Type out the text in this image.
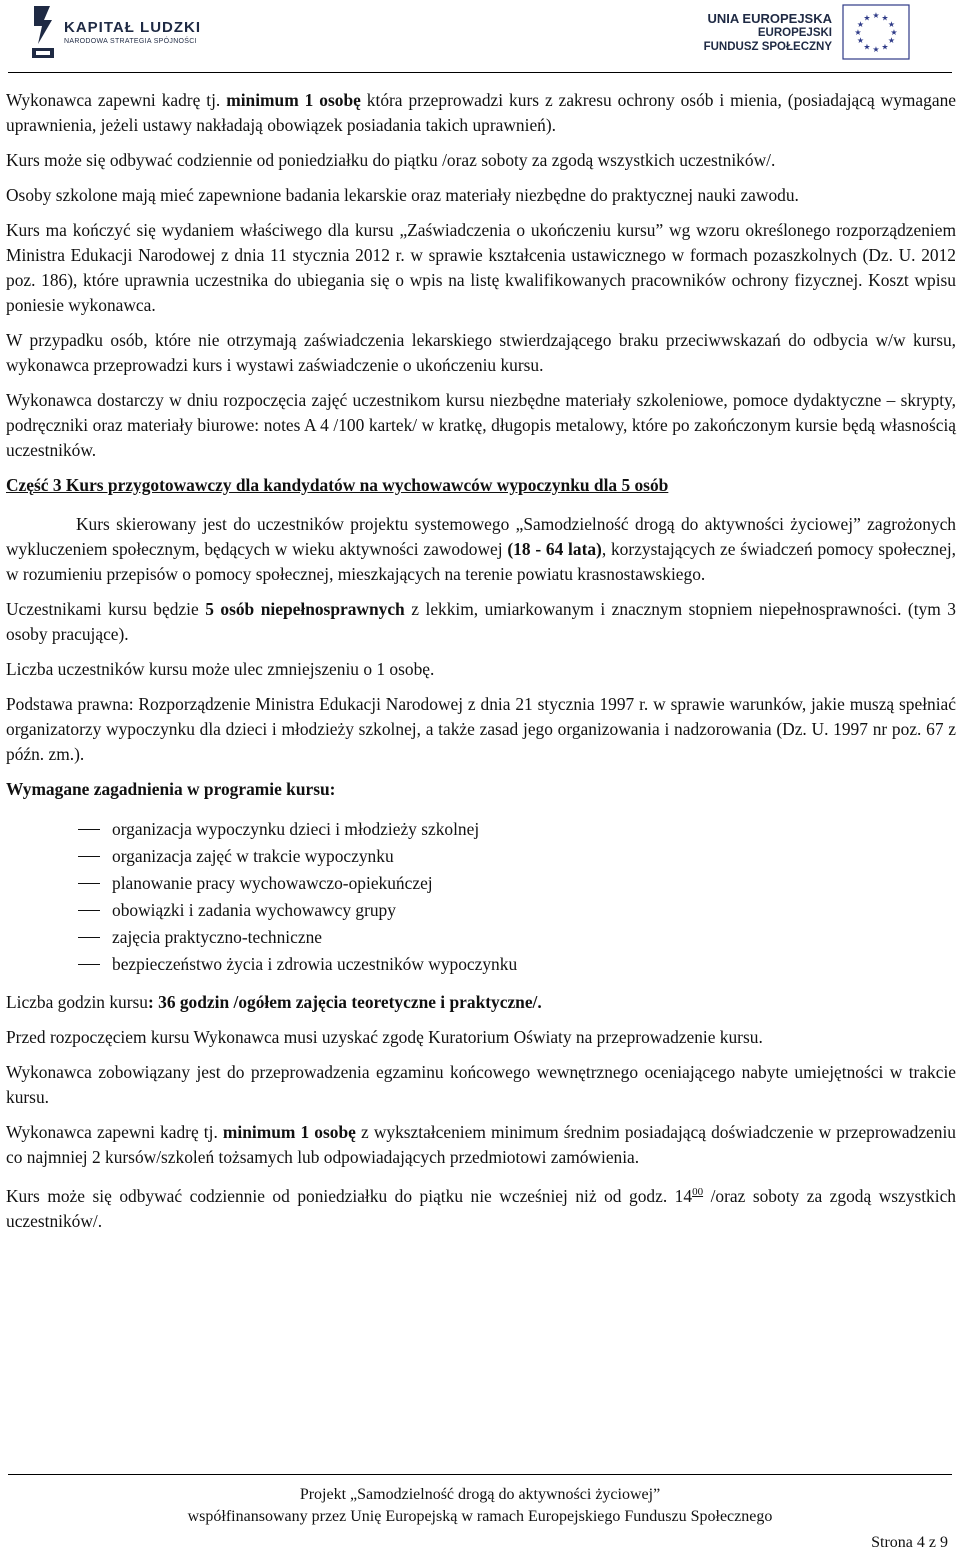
KAPITAŁ LUDZKI
NARODOWA STRATEGIA SPÓJNOŚCI
UNIA EUROPEJSKA
EUROPEJSKI
FUNDUSZ SPOŁECZNY
★ ★
★
★
★
★
★
★
★
★
★
★

Wykonawca zapewni kadrę tj. minimum 1 osobę która przeprowadzi kurs z zakresu ochrony osób i mienia, (posiadającą wymagane uprawnienia, jeżeli ustawy nakładają obowiązek posiadania takich uprawnień).

Kurs może się odbywać codziennie od poniedziałku do piątku /oraz soboty za zgodą wszystkich uczestników/.

Osoby szkolone mają mieć zapewnione badania lekarskie oraz materiały niezbędne do praktycznej nauki zawodu.

Kurs ma kończyć się wydaniem właściwego dla kursu „Zaświadczenia o ukończeniu kursu” wg wzoru określonego rozporządzeniem Ministra Edukacji Narodowej z dnia 11 stycznia 2012 r. w sprawie kształcenia ustawicznego w formach pozaszkolnych (Dz. U. 2012 poz. 186), które uprawnia uczestnika do ubiegania się o wpis na listę kwalifikowanych pracowników ochrony fizycznej. Koszt wpisu poniesie wykonawca.

W przypadku osób, które nie otrzymają zaświadczenia lekarskiego stwierdzającego braku przeciwwskazań do odbycia w/w kursu, wykonawca przeprowadzi kurs i wystawi zaświadczenie o ukończeniu kursu.

Wykonawca dostarczy w dniu rozpoczęcia zajęć uczestnikom kursu niezbędne materiały szkoleniowe, pomoce dydaktyczne – skrypty, podręczniki oraz materiały biurowe: notes A 4 /100 kartek/ w kratkę, długopis metalowy, które po zakończonym kursie będą własnością uczestników.

Część 3 Kurs przygotowawczy dla kandydatów na wychowawców wypoczynku dla 5 osób

Kurs skierowany jest do uczestników projektu systemowego „Samodzielność drogą do aktywności życiowej” zagrożonych wykluczeniem społecznym, będących w wieku aktywności zawodowej (18 - 64 lata), korzystających ze świadczeń pomocy społecznej, w rozumieniu przepisów o pomocy społecznej, mieszkających na terenie powiatu krasnostawskiego.

Uczestnikami kursu będzie 5 osób niepełnosprawnych z lekkim, umiarkowanym i znacznym stopniem niepełnosprawności. (tym 3 osoby pracujące).

Liczba uczestników kursu może ulec zmniejszeniu o 1 osobę.

Podstawa prawna: Rozporządzenie Ministra Edukacji Narodowej z dnia 21 stycznia 1997 r. w sprawie warunków, jakie muszą spełniać organizatorzy wypoczynku dla dzieci i młodzieży szkolnej, a także zasad jego organizowania i nadzorowania (Dz. U. 1997 nr poz. 67 z późn. zm.).

Wymagane zagadnienia w programie kursu:

organizacja wypoczynku dzieci i młodzieży szkolnej
organizacja zajęć w trakcie wypoczynku
planowanie pracy wychowawczo-opiekuńczej
obowiązki i zadania wychowawcy grupy
zajęcia praktyczno-techniczne
bezpieczeństwo życia i zdrowia uczestników wypoczynku

Liczba godzin kursu: 36 godzin /ogółem zajęcia teoretyczne i praktyczne/.

Przed rozpoczęciem kursu Wykonawca musi uzyskać zgodę Kuratorium Oświaty na przeprowadzenie kursu.

Wykonawca zobowiązany jest do przeprowadzenia egzaminu końcowego wewnętrznego oceniającego nabyte umiejętności w trakcie kursu.

Wykonawca zapewni kadrę tj. minimum 1 osobę z wykształceniem minimum średnim posiadającą doświadczenie w przeprowadzeniu co najmniej 2 kursów/szkoleń tożsamych lub odpowiadających przedmiotowi zamówienia.

Kurs może się odbywać codziennie od poniedziałku do piątku nie wcześniej niż od godz. $14^{00}$ /oraz soboty za zgodą wszystkich uczestników/.

Projekt „Samodzielność drogą do aktywności życiowej”
współfinansowany przez Unię Europejską w ramach Europejskiego Funduszu Społecznego
Strona 4 z 9
